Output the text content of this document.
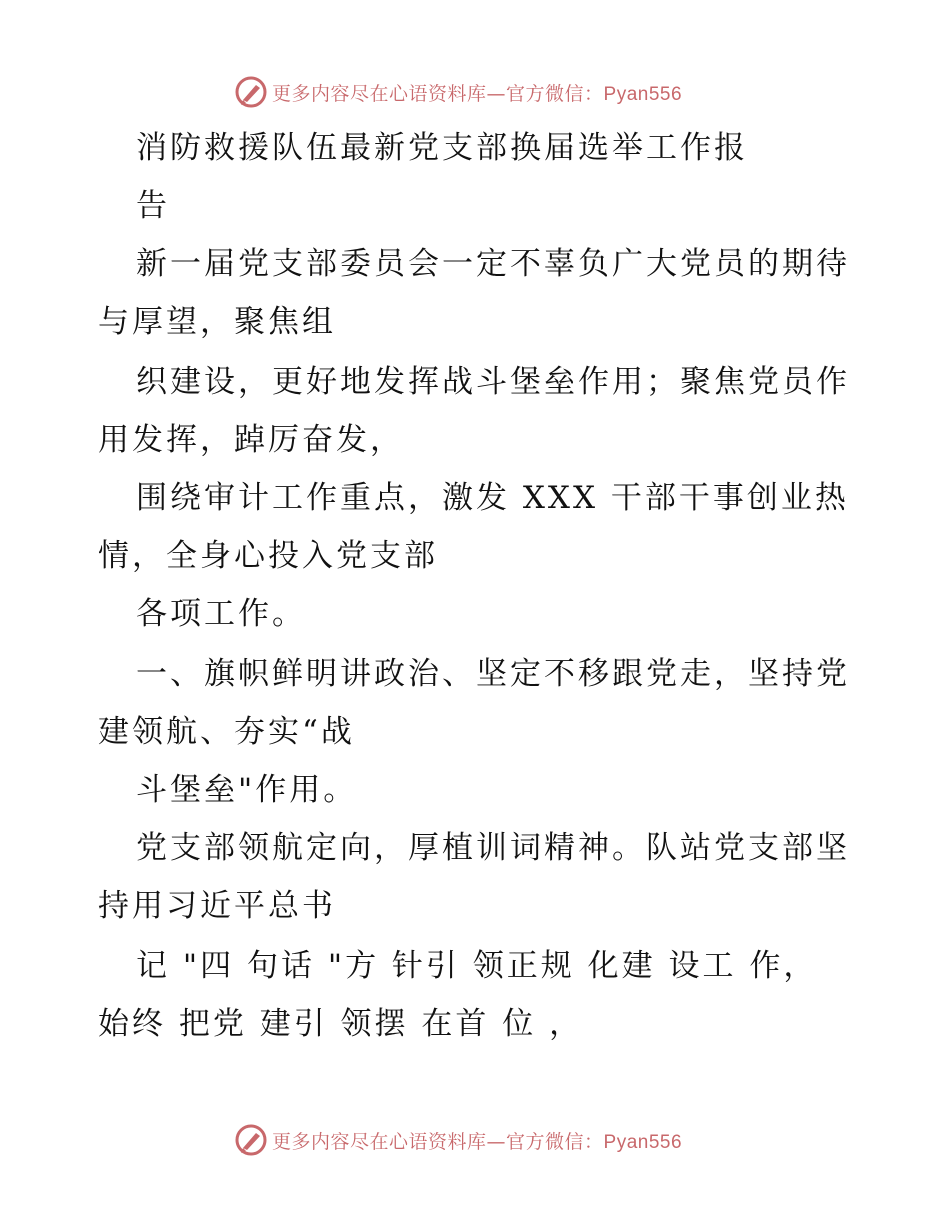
更多内容尽在心语资料库—官方微信：Pyan556
消防救援队伍最新党支部换届选举工作报
告
新一届党支部委员会一定不辜负广大党员的期待
与厚望，聚焦组
织建设，更好地发挥战斗堡垒作用；聚焦党员作
用发挥，踔厉奋发，
围绕审计工作重点，激发 XXX 干部干事创业热
情，全身心投入党支部
各项工作。
一、旗帜鲜明讲政治、坚定不移跟党走，坚持党
建领航、夯实“战
斗堡垒"作用。
党支部领航定向，厚植训词精神。队站党支部坚
持用习近平总书
记 "四 句话 "方 针引 领正规 化建 设工 作，
始终 把党 建引 领摆 在首 位 ，
更多内容尽在心语资料库—官方微信：Pyan556
